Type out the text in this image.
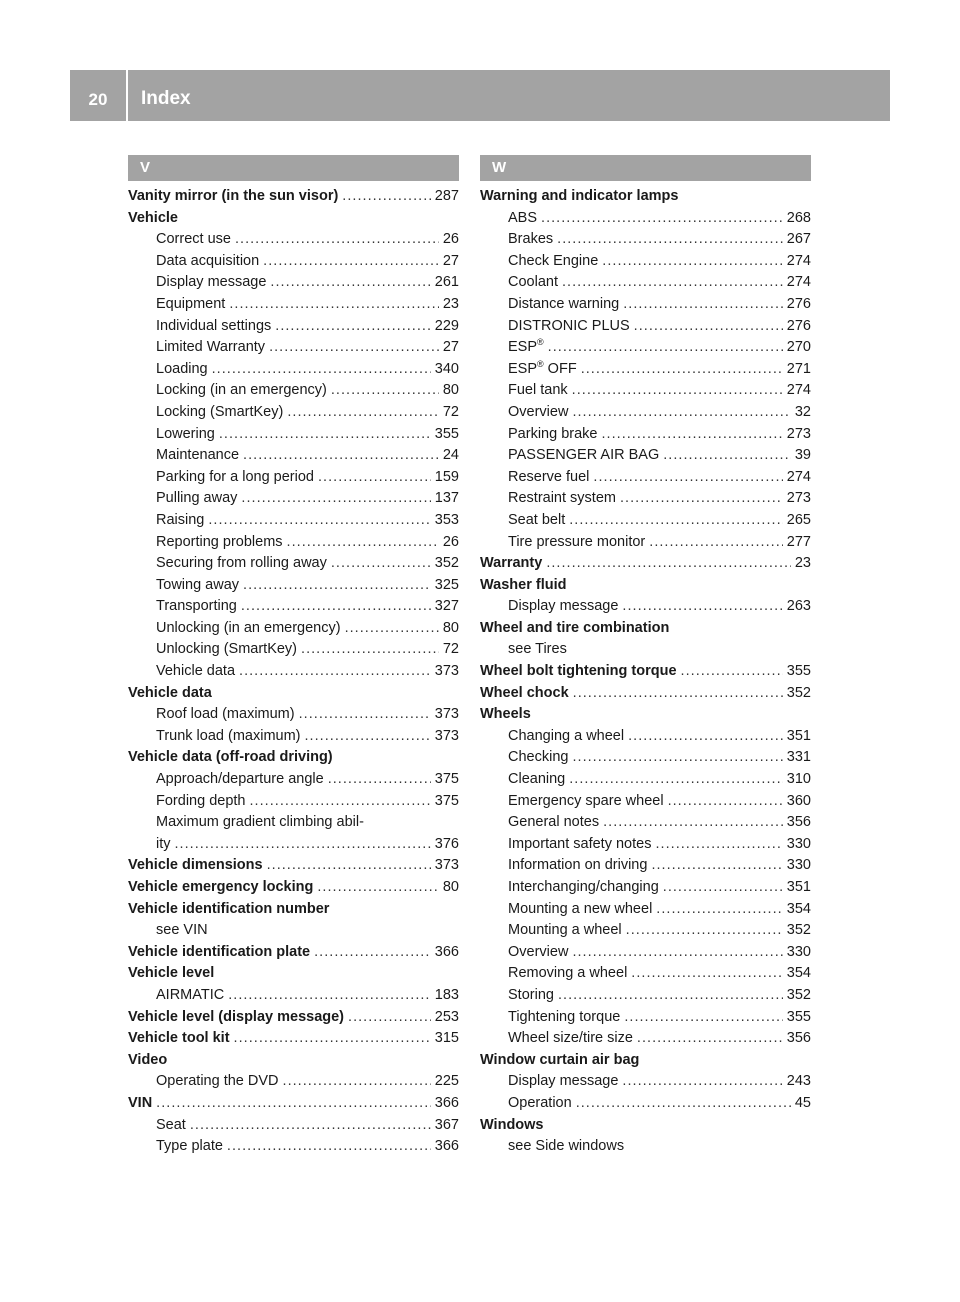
20	Index
V
Vanity mirror (in the sun visor) . . .	287
Vehicle
Correct use . . .	26
Data acquisition . . .	27
Display message . . .	261
Equipment . . .	23
Individual settings . . .	229
Limited Warranty . . .	27
Loading . . .	340
Locking (in an emergency) . . .	80
Locking (SmartKey) . . .	72
Lowering . . .	355
Maintenance . . .	24
Parking for a long period . . .	159
Pulling away . . .	137
Raising . . .	353
Reporting problems . . .	26
Securing from rolling away . . .	352
Towing away . . .	325
Transporting . . .	327
Unlocking (in an emergency) . . .	80
Unlocking (SmartKey) . . .	72
Vehicle data . . .	373
Vehicle data
Roof load (maximum) . . .	373
Trunk load (maximum) . . .	373
Vehicle data (off-road driving)
Approach/departure angle . . .	375
Fording depth . . .	375
Maximum gradient climbing abil-
ity . . .	376
Vehicle dimensions . . .	373
Vehicle emergency locking . . .	80
Vehicle identification number
see VIN
Vehicle identification plate . . .	366
Vehicle level
AIRMATIC . . .	183
Vehicle level (display message) . . .	253
Vehicle tool kit . . .	315
Video
Operating the DVD . . .	225
VIN . . .	366
Seat . . .	367
Type plate . . .	366
W
Warning and indicator lamps
ABS . . .	268
Brakes . . .	267
Check Engine . . .	274
Coolant . . .	274
Distance warning . . .	276
DISTRONIC PLUS . . .	276
ESP® . . .	270
ESP® OFF . . .	271
Fuel tank . . .	274
Overview . . .	32
Parking brake . . .	273
PASSENGER AIR BAG . . .	39
Reserve fuel . . .	274
Restraint system . . .	273
Seat belt . . .	265
Tire pressure monitor . . .	277
Warranty . . .	23
Washer fluid
Display message . . .	263
Wheel and tire combination
see Tires
Wheel bolt tightening torque . . .	355
Wheel chock . . .	352
Wheels
Changing a wheel . . .	351
Checking . . .	331
Cleaning . . .	310
Emergency spare wheel . . .	360
General notes . . .	356
Important safety notes . . .	330
Information on driving . . .	330
Interchanging/changing . . .	351
Mounting a new wheel . . .	354
Mounting a wheel . . .	352
Overview . . .	330
Removing a wheel . . .	354
Storing . . .	352
Tightening torque . . .	355
Wheel size/tire size . . .	356
Window curtain air bag
Display message . . .	243
Operation . . .	45
Windows
see Side windows
